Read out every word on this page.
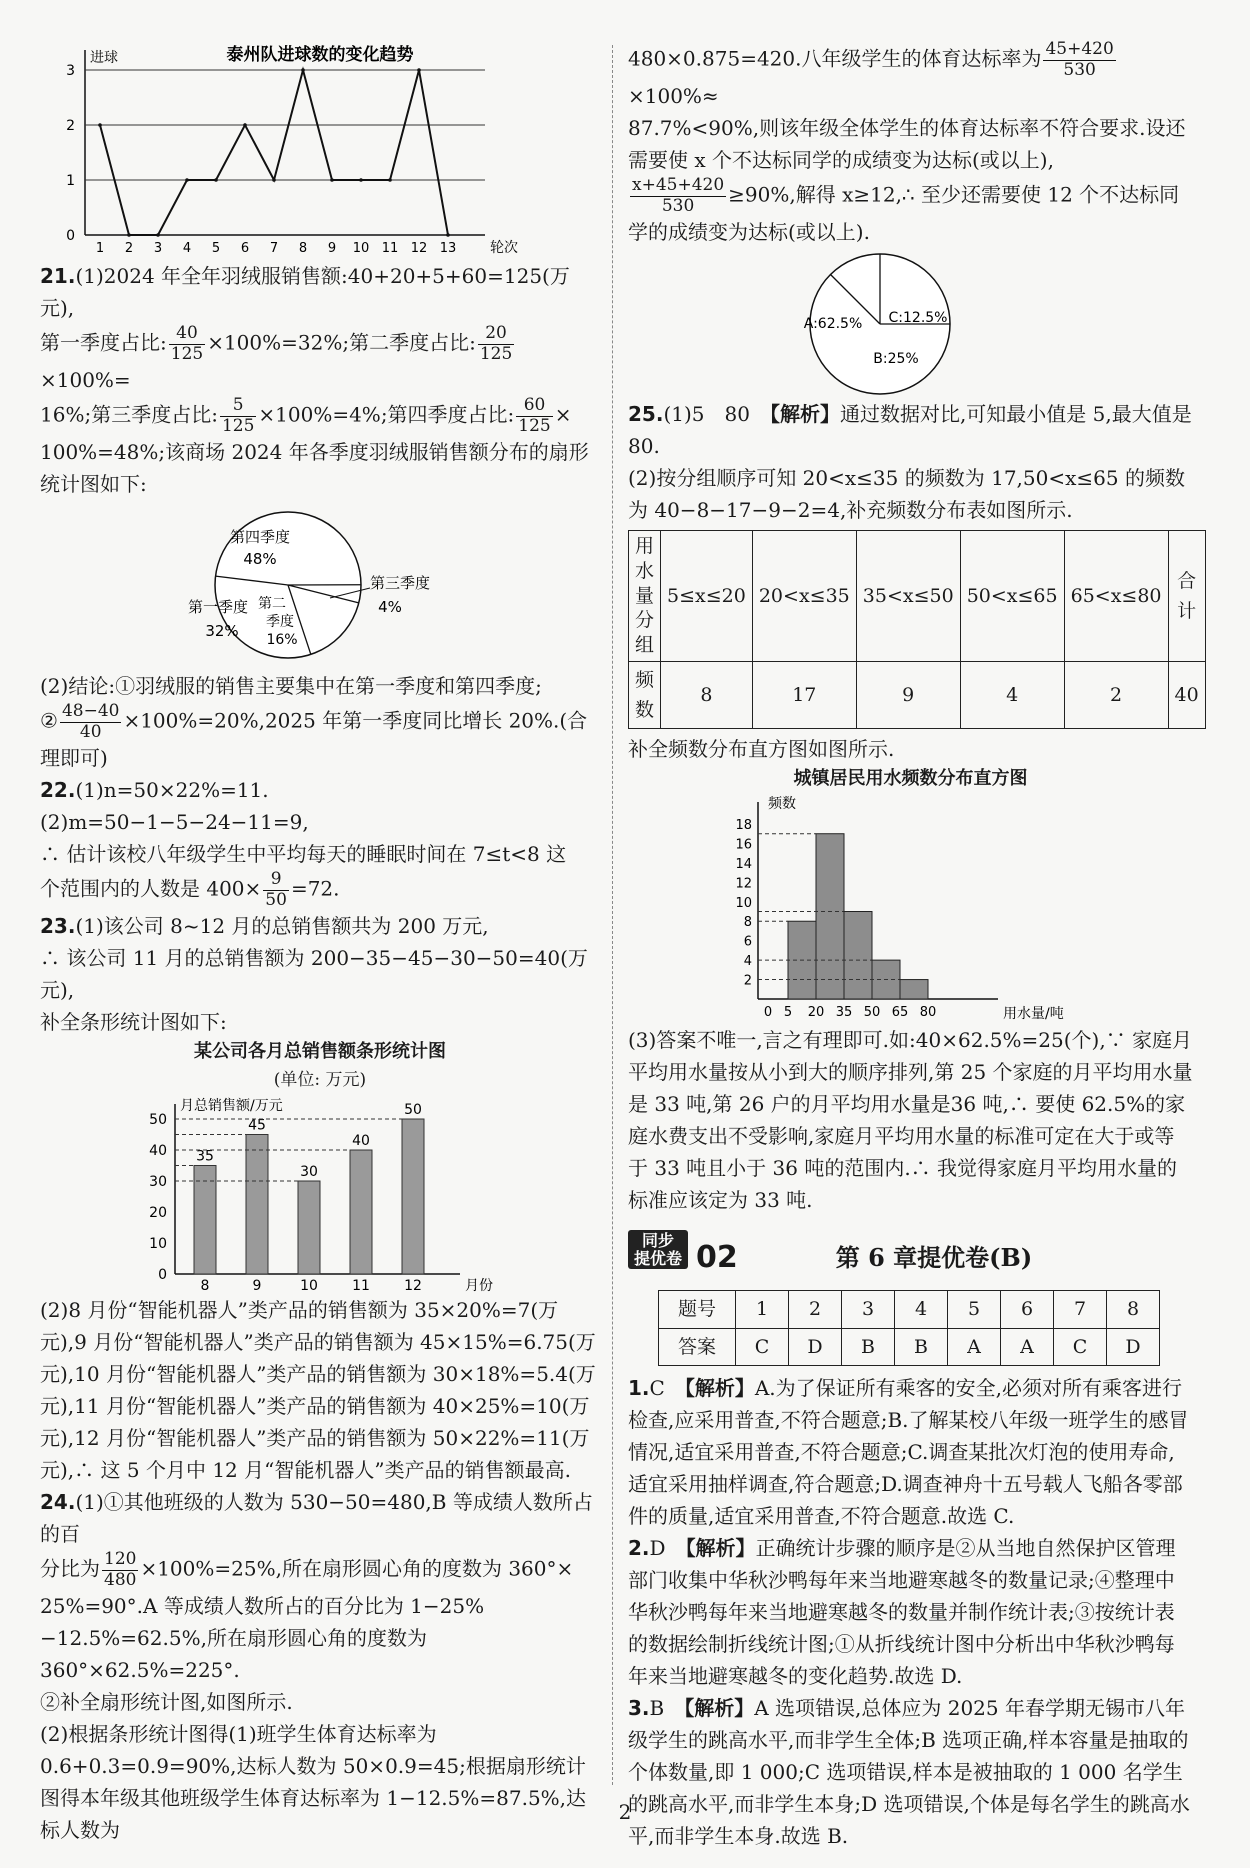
泰州队进球数的变化趋势
进球
0
1
2
3
1 2 3 4 5 6 7 8 9 10 11 12 13 轮次

21.(1)2024 年全年羽绒服销售额:40+20+5+60=125(万元),

第一季度占比: $\frac{40}{125} \times 100\%=32\%$;第二季度占比: $\frac{20}{125}$
×100%=

16%;第三季度占比: $\frac{5}{125} \times 100\%=4\%$;第四季度占比: $\frac{60}{125}$ ×

100%=48%;该商场 2024 年各季度羽绒服销售额分布的扇形统计图如下:

第四季度
48%
第一季度
32%
第二
季度
16%
第三季度
4%

(2)结论:①羽绒服的销售主要集中在第一季度和第四季度;

② $\frac{48-40}{40} \times 100\%=20\%,2025$ 年第一季度同比增长 20%.(合理即可)

22.(1)n=50×22%=11.

(2)m=50−1−5−24−11=9,

∴ 估计该校八年级学生中平均每天的睡眠时间在 7≤t<8 这

个范围内的人数是 $400\times \frac{9}{50} =72$.

23.(1)该公司 8~12 月的总销售额共为 200 万元,

∴ 该公司 11 月的总销售额为 200−35−45−30−50=40(万元),

补全条形统计图如下:

某公司各月总销售额条形统计图
(单位: 万元)
月总销售额/万元
0
10
20
30
40
50
35
8
45
9
30
10
40
11
50
12	月份

(2)8 月份“智能机器人”类产品的销售额为 35×20%=7(万元),9 月份“智能机器人”类产品的销售额为 45×15%=6.75(万元),10 月份“智能机器人”类产品的销售额为 30×18%=5.4(万元),11 月份“智能机器人”类产品的销售额为 40×25%=10(万元),12 月份“智能机器人”类产品的销售额为 50×22%=11(万元),∴ 这 5 个月中 12 月“智能机器人”类产品的销售额最高.

24.(1)①其他班级的人数为 530−50=480,B 等成绩人数所占的百

分比为 $\frac{120}{480} \times 100\%=25\%$,所在扇形圆心角的度数为 360°×

25%=90°.A 等成绩人数所占的百分比为 1−25%−12.5%=62.5%,所在扇形圆心角的度数为 360°×62.5%=225°.

②补全扇形统计图,如图所示.

(2)根据条形统计图得(1)班学生体育达标率为 0.6+0.3=0.9=90%,达标人数为 50×0.9=45;根据扇形统计图得本年级其他班级学生体育达标率为 1−12.5%=87.5%,达标人数为

480×0.875=420.八年级学生的体育达标率为 $\frac{45+420}{530}$
×100%≈

87.7%<90%,则该年级全体学生的体育达标率不符合要求.设还需要使 x 个不达标同学的成绩变为达标(或以上),

$\frac{x+45+420}{530} \ge 90\%$,解得 x≥12,∴ 至少还需要使 12 个不达标同学的成绩变为达标(或以上).

A:62.5%
B:25%
C:12.5%

25.(1)5　80　【解析】通过数据对比,可知最小值是 5,最大值是 80.

(2)按分组顺序可知 20<x≤35 的频数为 17,50<x≤65 的频数为 40−8−17−9−2=4,补充频数分布表如图所示.

用水量分组	5≤x≤20	20<x≤35	35<x≤50	50<x≤65	65<x≤80	合计
频数	8	17	9	4	2	40

补全频数分布直方图如图所示.

城镇居民用水频数分布直方图
频数
2
4
6
8
10
12
14
16
18
0 5 20 35 50 65 80	用水量/吨

(3)答案不唯一,言之有理即可.如:40×62.5%=25(个),∵ 家庭月平均用水量按从小到大的顺序排列,第 25 个家庭的月平均用水量是 33 吨,第 26 户的月平均用水量是36 吨,∴ 要使 62.5%的家庭水费支出不受影响,家庭月平均用水量的标准可定在大于或等于 33 吨且小于 36 吨的范围内.∴ 我觉得家庭月平均用水量的标准应该定为 33 吨.

同步
提优卷 02	第 6 章提优卷(B)
题号	1	2	3	4	5	6	7	8
答案	C	D	B	B	A	A	C	D

1.C　 【解析】A.为了保证所有乘客的安全,必须对所有乘客进行检查,应采用普查,不符合题意;B.了解某校八年级一班学生的感冒情况,适宜采用普查,不符合题意;C.调查某批次灯泡的使用寿命,适宜采用抽样调查,符合题意;D.调查神舟十五号载人飞船各零部件的质量,适宜采用普查,不符合题意.故选 C.

2.D　 【解析】正确统计步骤的顺序是②从当地自然保护区管理部门收集中华秋沙鸭每年来当地避寒越冬的数量记录;④整理中华秋沙鸭每年来当地避寒越冬的数量并制作统计表;③按统计表的数据绘制折线统计图;①从折线统计图中分析出中华秋沙鸭每年来当地避寒越冬的变化趋势.故选 D.

3.B　 【解析】A 选项错误,总体应为 2025 年春学期无锡市八年级学生的跳高水平,而非学生全体;B 选项正确,样本容量是抽取的个体数量,即 1 000;C 选项错误,样本是被抽取的 1 000 名学生的跳高水平,而非学生本身;D 选项错误,个体是每名学生的跳高水平,而非学生本身.故选 B.

2
